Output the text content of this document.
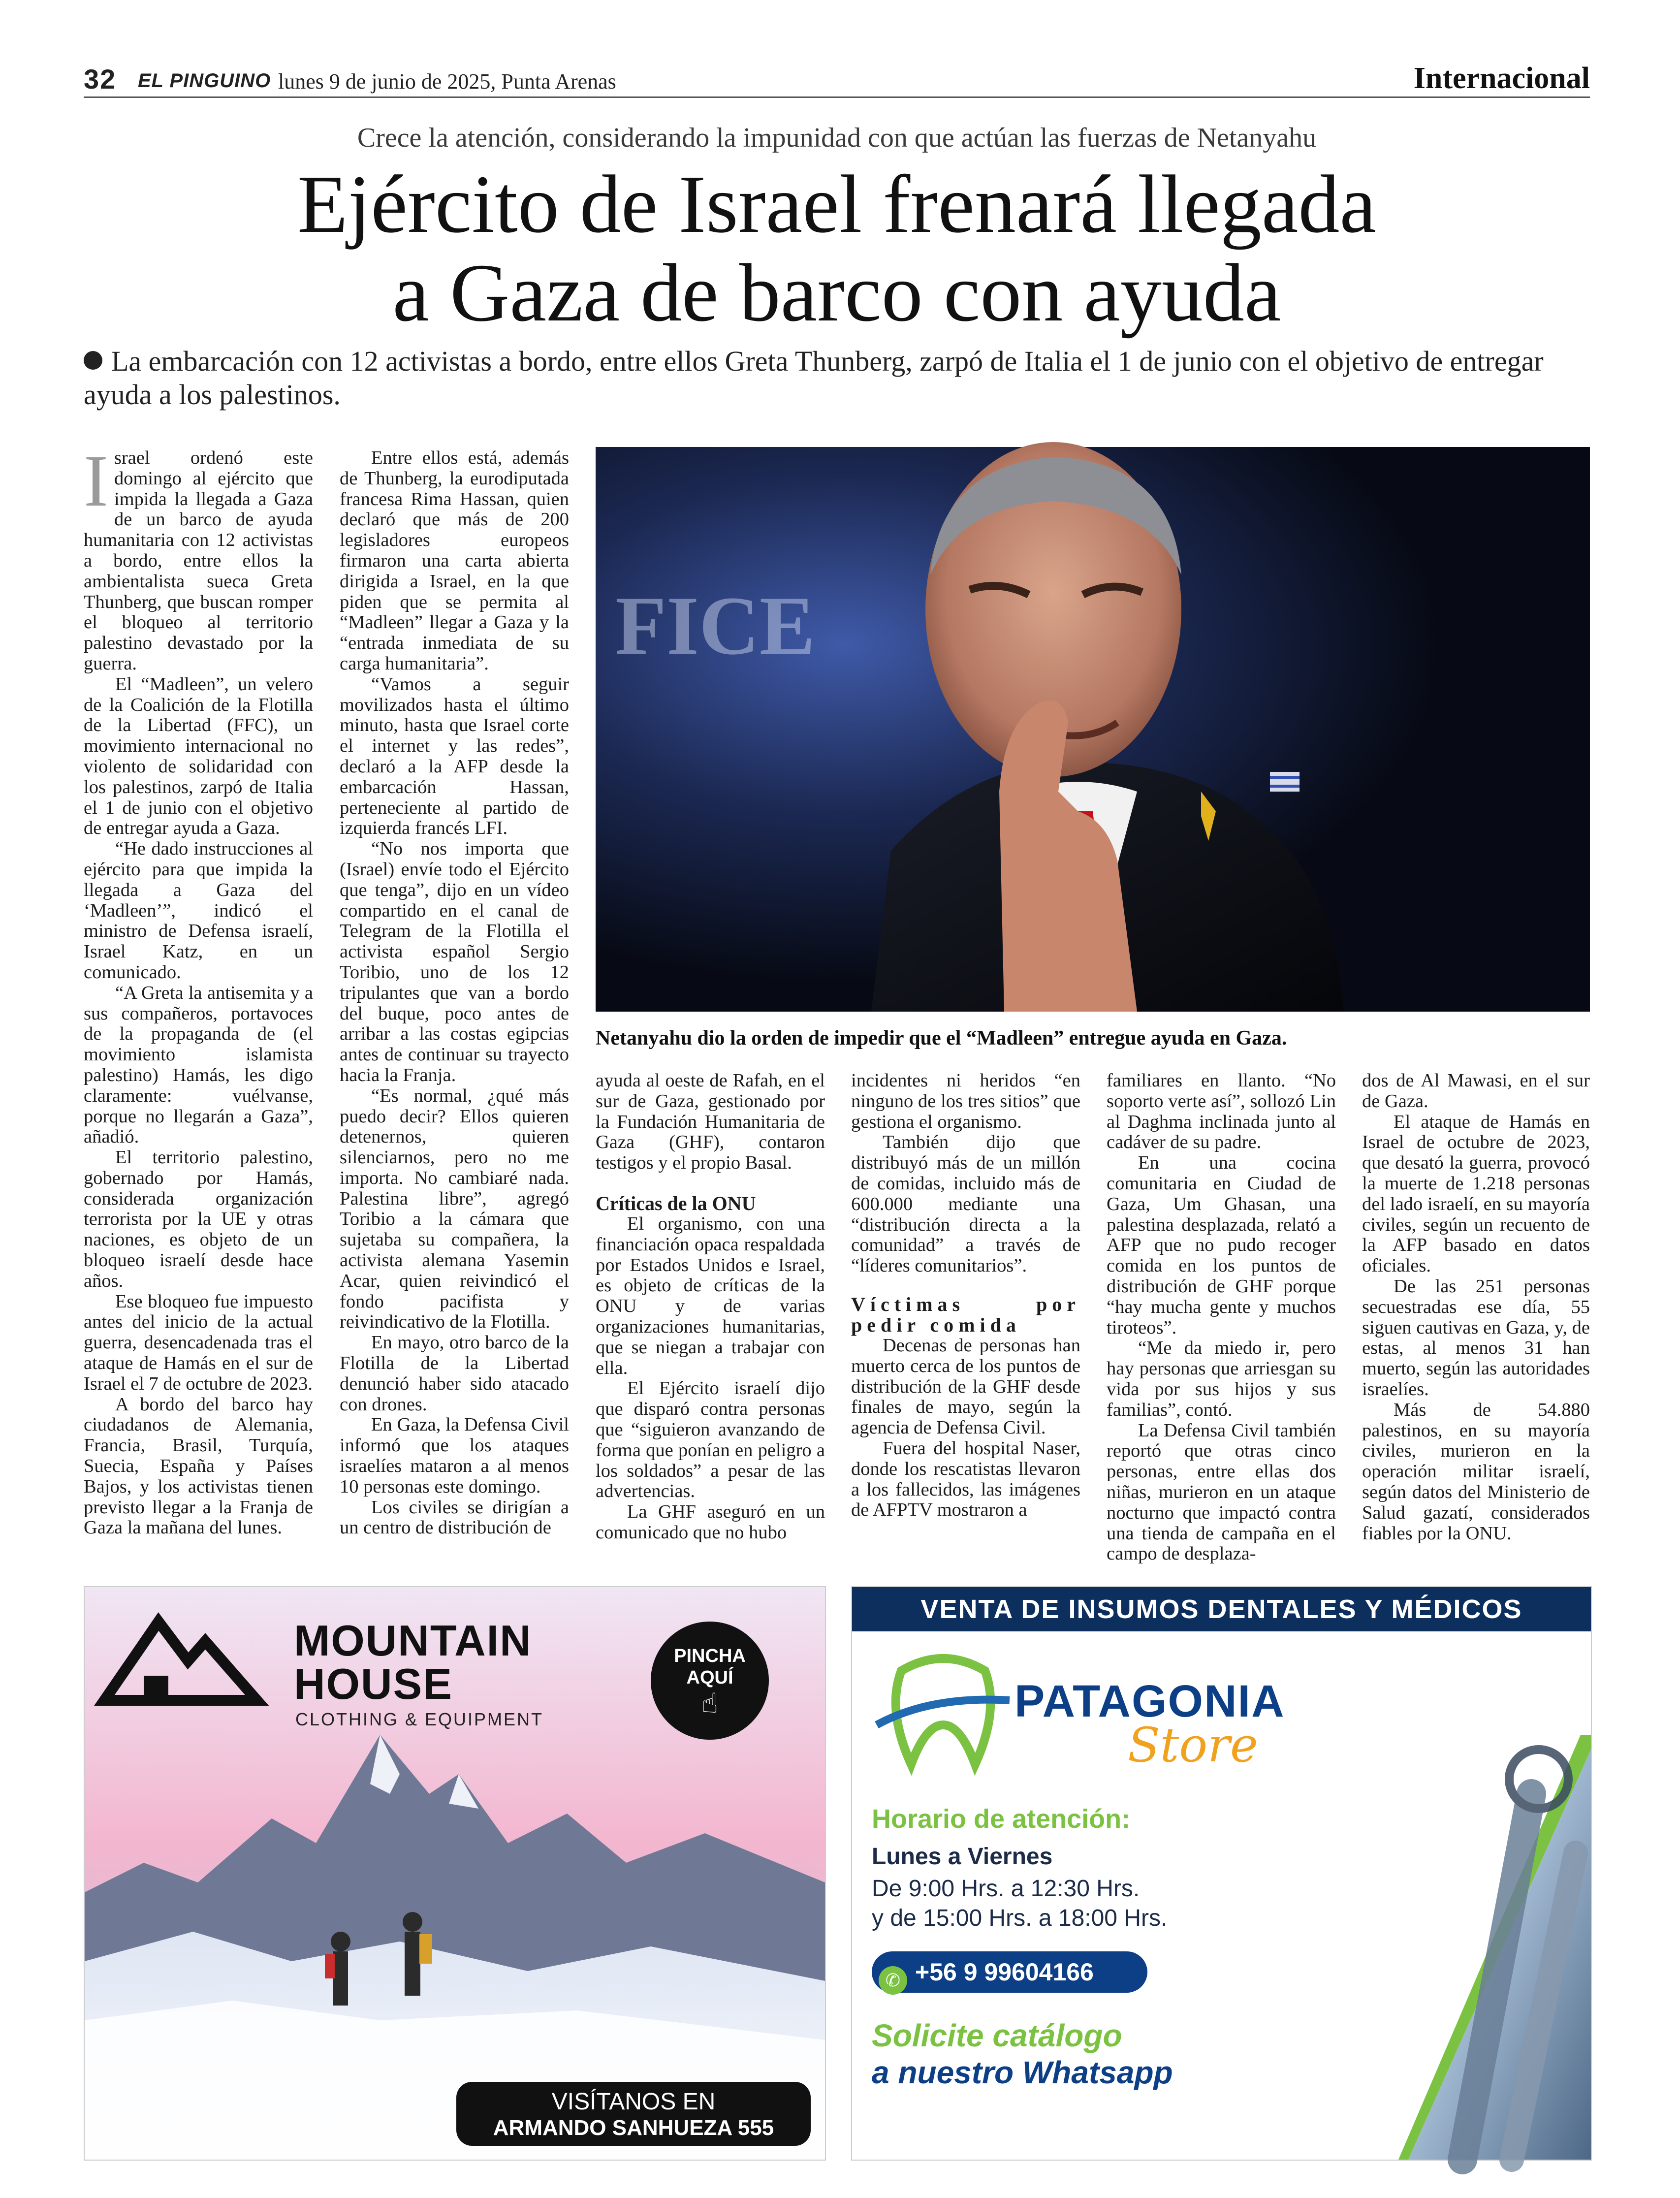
32 EL PINGUINO lunes 9 de junio de 2025, Punta Arenas	Internacional
Crece la atención, considerando la impunidad con que actúan las fuerzas de Netanyahu
Ejército de Israel frenará llegada
a Gaza de barco con ayuda
La embarcación con 12 activistas a bordo, entre ellos Greta Thunberg, zarpó de Italia el 1 de junio con el objetivo de entregar ayuda a los palestinos.

Israel ordenó este domingo al ejército que impida la llegada a Gaza de un barco de ayuda humanitaria con 12 activistas a bordo, entre ellos la ambientalista sueca Greta Thunberg, que buscan romper el bloqueo al territorio palestino devastado por la guerra.

El “Madleen”, un velero de la Coalición de la Flotilla de la Libertad (FFC), un movimiento internacional no violento de solidaridad con los palestinos, zarpó de Italia el 1 de junio con el objetivo de entregar ayuda a Gaza.

“He dado instrucciones al ejército para que impida la llegada a Gaza del ‘Madleen’”, indicó el ministro de Defensa israelí, Israel Katz, en un comunicado.

“A Greta la antisemita y a sus compañeros, portavoces de la propaganda de (el movimiento islamista palestino) Hamás, les digo claramente: vuélvanse, porque no llegarán a Gaza”, añadió.

El territorio palestino, gobernado por Hamás, considerada organización terrorista por la UE y otras naciones, es objeto de un bloqueo israelí desde hace años.

Ese bloqueo fue impuesto antes del inicio de la actual guerra, desencadenada tras el ataque de Hamás en el sur de Israel el 7 de octubre de 2023.

A bordo del barco hay ciudadanos de Alemania, Francia, Brasil, Turquía, Suecia, España y Países Bajos, y los activistas tienen previsto llegar a la Franja de Gaza la mañana del lunes.

Entre ellos está, además de Thunberg, la eurodiputada francesa Rima Hassan, quien declaró que más de 200 legisladores europeos firmaron una carta abierta dirigida a Israel, en la que piden que se permita al “Madleen” llegar a Gaza y la “entrada inmediata de su carga humanitaria”.

“Vamos a seguir movilizados hasta el último minuto, hasta que Israel corte el internet y las redes”, declaró a la AFP desde la embarcación Hassan, perteneciente al partido de izquierda francés LFI.

“No nos importa que (Israel) envíe todo el Ejército que tenga”, dijo en un vídeo compartido en el canal de Telegram de la Flotilla el activista español Sergio Toribio, uno de los 12 tripulantes que van a bordo del buque, poco antes de arribar a las costas egipcias antes de continuar su trayecto hacia la Franja.

“Es normal, ¿qué más puedo decir? Ellos quieren detenernos, quieren silenciarnos, pero no me importa. No cambiaré nada. Palestina libre”, agregó Toribio a la cámara que sujetaba su compañera, la activista alemana Yasemin Acar, quien reivindicó el fondo pacifista y reivindicativo de la Flotilla.

En mayo, otro barco de la Flotilla de la Libertad denunció haber sido atacado con drones.

En Gaza, la Defensa Civil informó que los ataques israelíes mataron a al menos 10 personas este domingo.

Los civiles se dirigían a un centro de distribución de

FICE
Netanyahu dio la orden de impedir que el “Madleen” entregue ayuda en Gaza.

ayuda al oeste de Rafah, en el sur de Gaza, gestionado por la Fundación Humanitaria de Gaza (GHF), contaron testigos y el propio Basal.

Críticas de la ONU

El organismo, con una financiación opaca respaldada por Estados Unidos e Israel, es objeto de críticas de la ONU y de varias organizaciones humanitarias, que se niegan a trabajar con ella.

El Ejército israelí dijo que disparó contra personas que “siguieron avanzando de forma que ponían en peligro a los soldados” a pesar de las advertencias.

La GHF aseguró en un comunicado que no hubo

incidentes ni heridos “en ninguno de los tres sitios” que gestiona el organismo.

También dijo que distribuyó más de un millón de comidas, incluido más de 600.000 mediante una “distribución directa a la comunidad” a través de “líderes comunitarios”.

Víctimas por pedir comida

Decenas de personas han muerto cerca de los puntos de distribución de la GHF desde finales de mayo, según la agencia de Defensa Civil.

Fuera del hospital Naser, donde los rescatistas llevaron a los fallecidos, las imágenes de AFPTV mostraron a

familiares en llanto. “No soporto verte así”, sollozó Lin al Daghma inclinada junto al cadáver de su padre.

En una cocina comunitaria en Ciudad de Gaza, Um Ghasan, una palestina desplazada, relató a AFP que no pudo recoger comida en los puntos de distribución de GHF porque “hay mucha gente y muchos tiroteos”.

“Me da miedo ir, pero hay personas que arriesgan su vida por sus hijos y sus familias”, contó.

La Defensa Civil también reportó que otras cinco personas, entre ellas dos niñas, murieron en un ataque nocturno que impactó contra una tienda de campaña en el campo de desplaza-

dos de Al Mawasi, en el sur de Gaza.

El ataque de Hamás en Israel de octubre de 2023, que desató la guerra, provocó la muerte de 1.218 personas del lado israelí, en su mayoría civiles, según un recuento de la AFP basado en datos oficiales.

De las 251 personas secuestradas ese día, 55 siguen cautivas en Gaza, y, de estas, al menos 31 han muerto, según las autoridades israelíes.

Más de 54.880 palestinos, en su mayoría civiles, murieron en la operación militar israelí, según datos del Ministerio de Salud gazatí, considerados fiables por la ONU.

MOUNTAIN
HOUSE
CLOTHING & EQUIPMENT
PINCHA
AQUÍ
☝
VISÍTANOS EN
ARMANDO SANHUEZA 555
VENTA DE INSUMOS DENTALES Y MÉDICOS
PATAGONIA
Store
Horario de atención:
Lunes a Viernes
De 9:00 Hrs. a 12:30 Hrs.
y de 15:00 Hrs. a 18:00 Hrs.
✆ +56 9 99604166
Solicite catálogo
a nuestro Whatsapp
